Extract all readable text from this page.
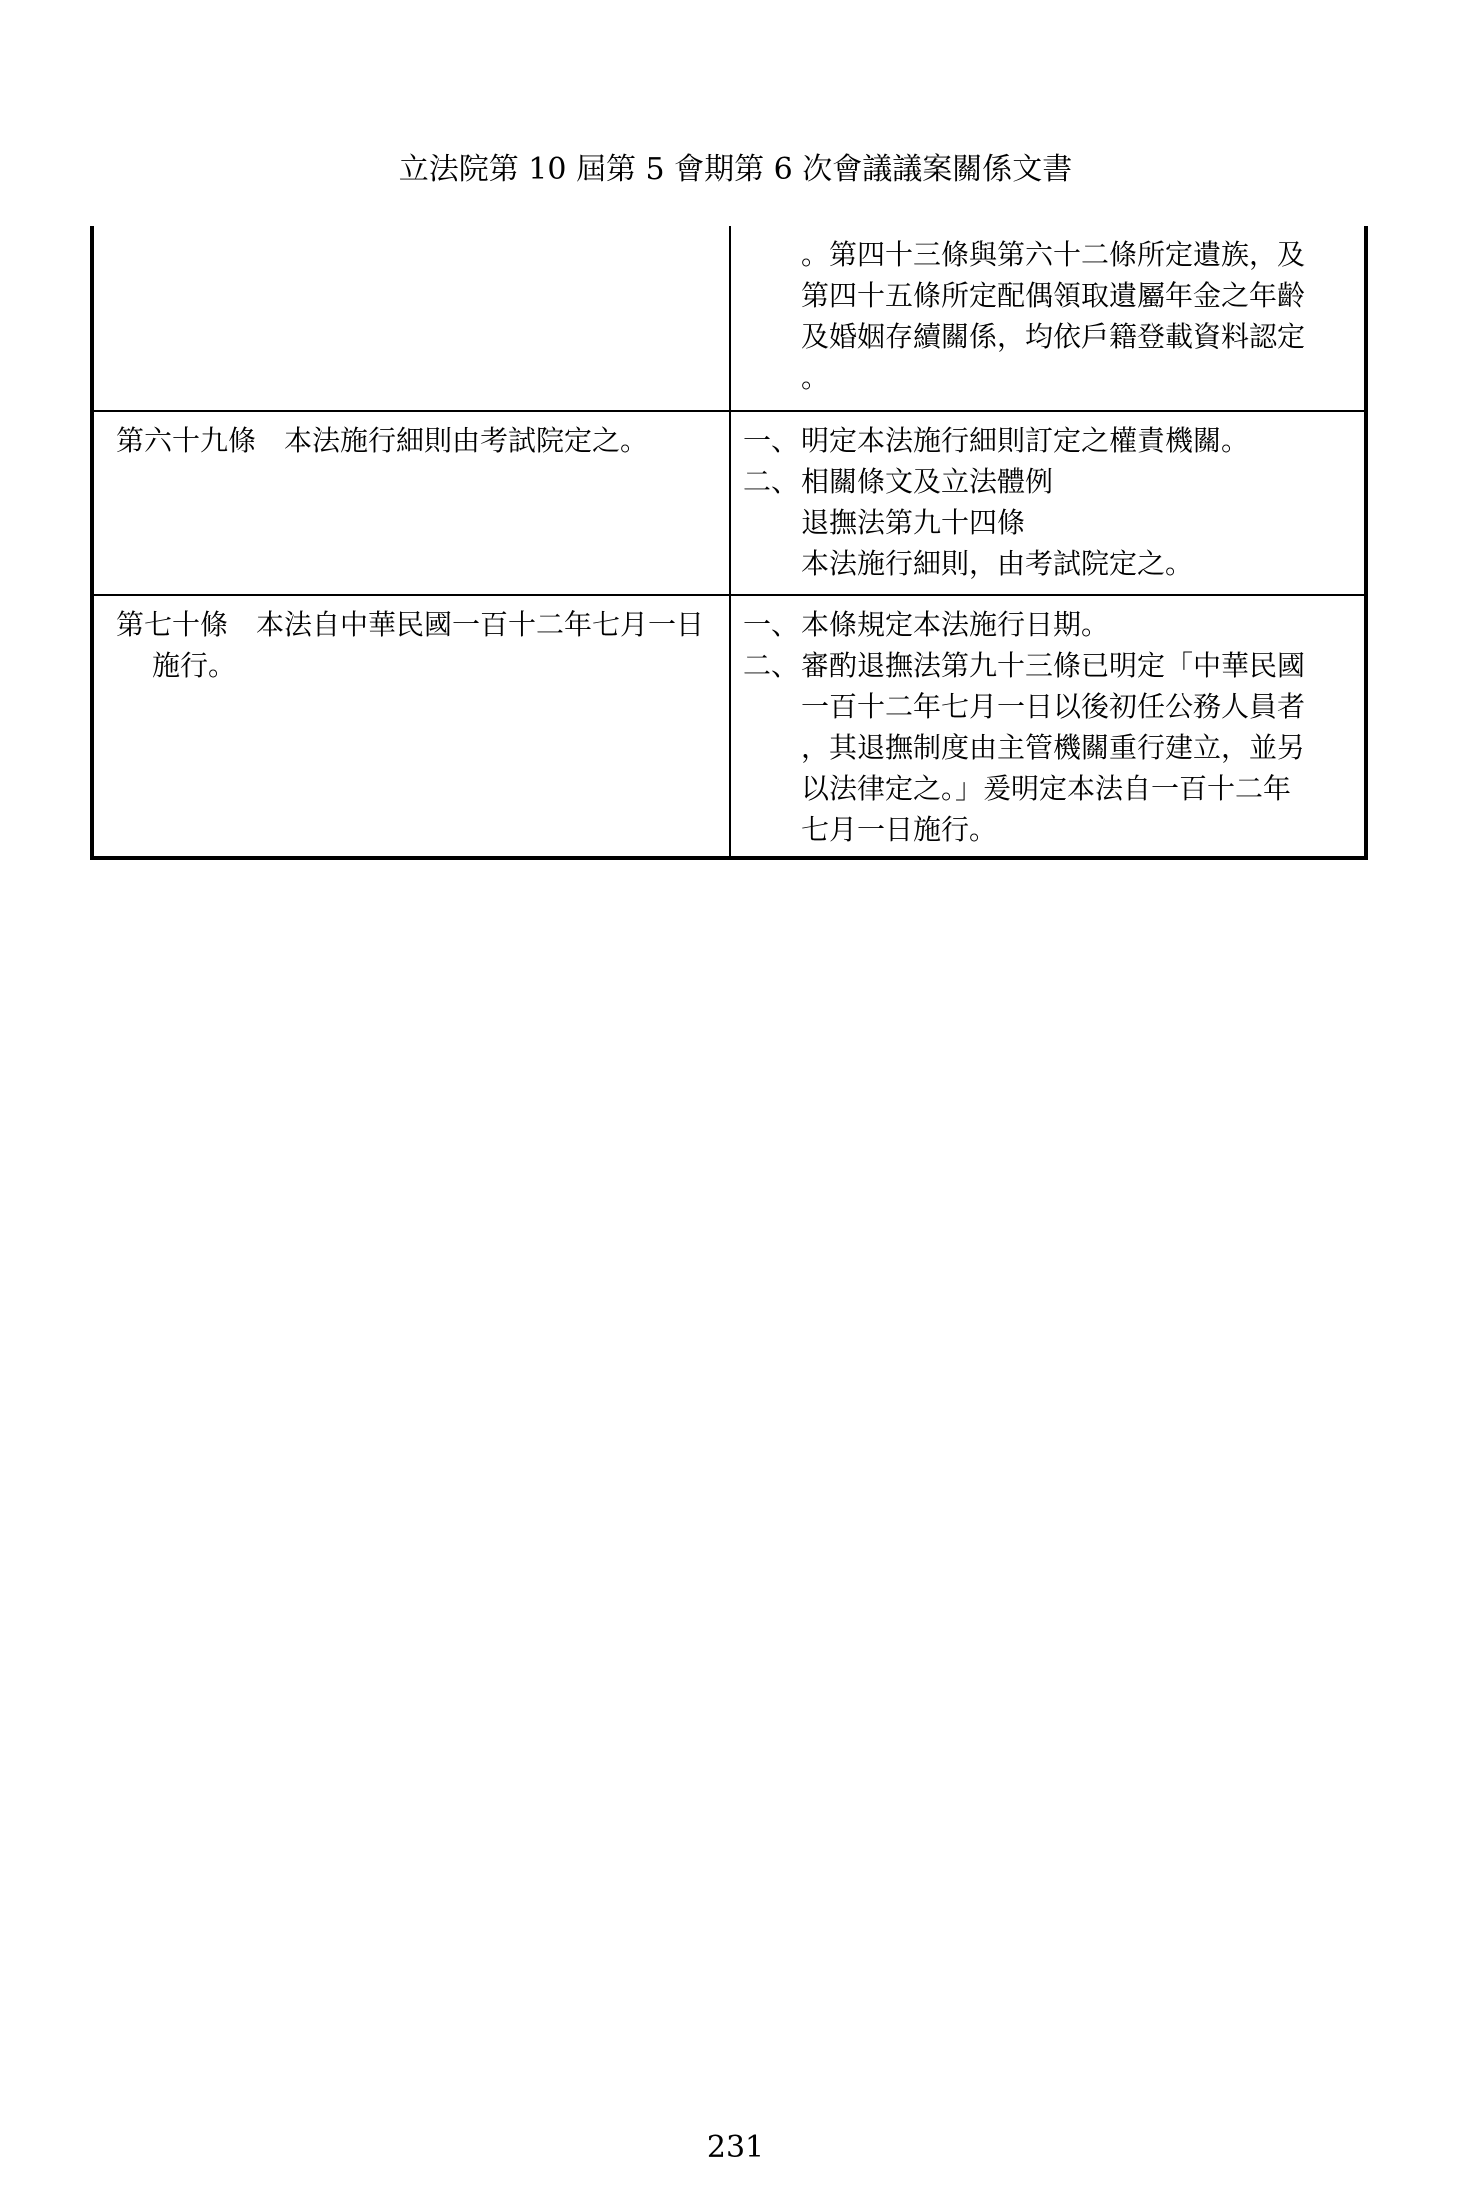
立法院第 10 屆第 5 會期第 6 次會議議案關係文書
。第四十三條與第六十二條所定遺族，及
第四十五條所定配偶領取遺屬年金之年齡
及婚姻存續關係，均依戶籍登載資料認定
。
第六十九條　本法施行細則由考試院定之。	一、 明定本法施行細則訂定之權責機關。
二、 相關條文及立法體例
退撫法第九十四條
本法施行細則，由考試院定之。
第七十條　本法自中華民國一百十二年七月一日施行。
一、 本條規定本法施行日期。
二、 審酌退撫法第九十三條已明定「中華民國
一百十二年七月一日以後初任公務人員者
，其退撫制度由主管機關重行建立，並另
以法律定之。」爰明定本法自一百十二年
七月一日施行。
231
